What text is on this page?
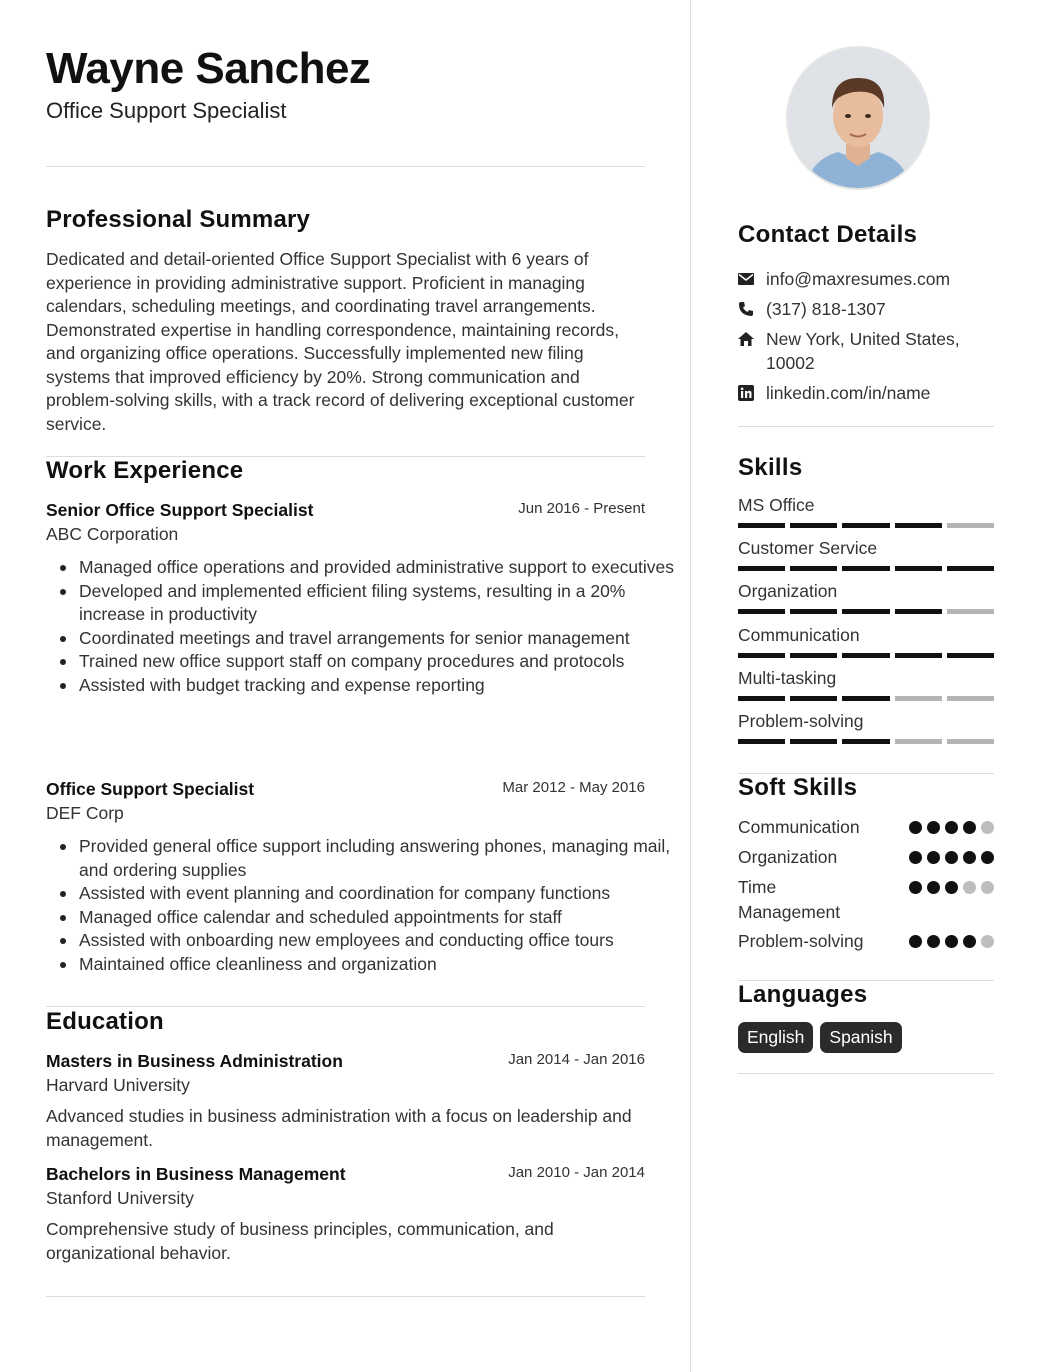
Wayne Sanchez
Office Support Specialist
Professional Summary
Dedicated and detail-oriented Office Support Specialist with 6 years of experience in providing administrative support. Proficient in managing calendars, scheduling meetings, and coordinating travel arrangements. Demonstrated expertise in handling correspondence, maintaining records, and organizing office operations. Successfully implemented new filing systems that improved efficiency by 20%. Strong communication and problem-solving skills, with a track record of delivering exceptional customer service.
Work Experience
Senior Office Support Specialist	Jun 2016 - Present
ABC Corporation
Managed office operations and provided administrative support to executives
Developed and implemented efficient filing systems, resulting in a 20% increase in productivity
Coordinated meetings and travel arrangements for senior management
Trained new office support staff on company procedures and protocols
Assisted with budget tracking and expense reporting
Office Support Specialist	Mar 2012 - May 2016
DEF Corp
Provided general office support including answering phones, managing mail, and ordering supplies
Assisted with event planning and coordination for company functions
Managed office calendar and scheduled appointments for staff
Assisted with onboarding new employees and conducting office tours
Maintained office cleanliness and organization
Education
Masters in Business Administration	Jan 2014 - Jan 2016
Harvard University
Advanced studies in business administration with a focus on leadership and management.
Bachelors in Business Management	Jan 2010 - Jan 2014
Stanford University
Comprehensive study of business principles, communication, and organizational behavior.
Contact Details
info@maxresumes.com
(317) 818-1307
New York, United States, 10002
linkedin.com/in/name
Skills
MS Office
Customer Service
Organization
Communication
Multi-tasking
Problem-solving
Soft Skills
Communication
Organization
Time Management
Problem-solving
Languages
English	Spanish
